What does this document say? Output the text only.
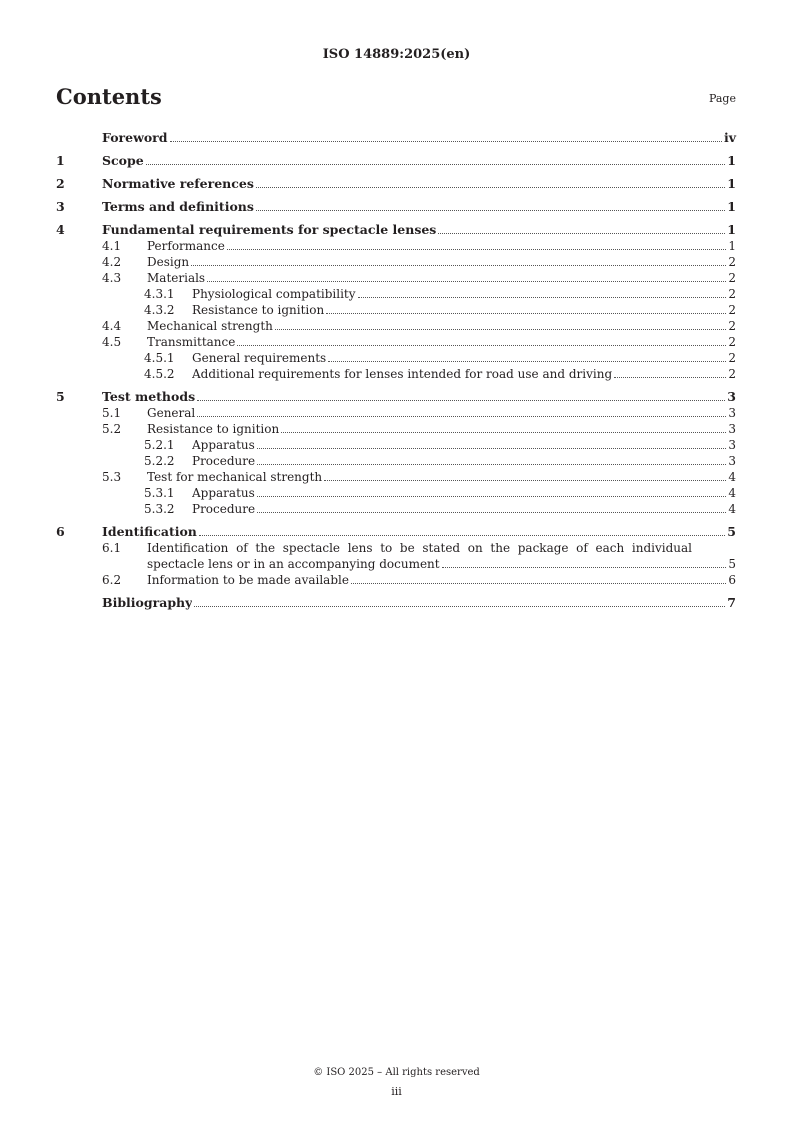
ISO 14889:2025(en)
Contents	Page
Foreword	iv
1	Scope	1
2	Normative references	1
3	Terms and definitions	1
4	Fundamental requirements for spectacle lenses	1
4.1 Performance	1
4.2 Design	2
4.3 Materials	2
4.3.1 Physiological compatibility	2
4.3.2 Resistance to ignition	2
4.4 Mechanical strength	2
4.5 Transmittance	2
4.5.1 General requirements	2
4.5.2 Additional requirements for lenses intended for road use and driving	2
5	Test methods	3
5.1 General	3
5.2 Resistance to ignition	3
5.2.1 Apparatus	3
5.2.2 Procedure	3
5.3 Test for mechanical strength	4
5.3.1 Apparatus	4
5.3.2 Procedure	4
6	Identification	5
6.1 Identification of the spectacle lens to be stated on the package of each individual
spectacle lens or in an accompanying document	5
6.2 Information to be made available	6
Bibliography	7
© ISO 2025 – All rights reserved
iii
